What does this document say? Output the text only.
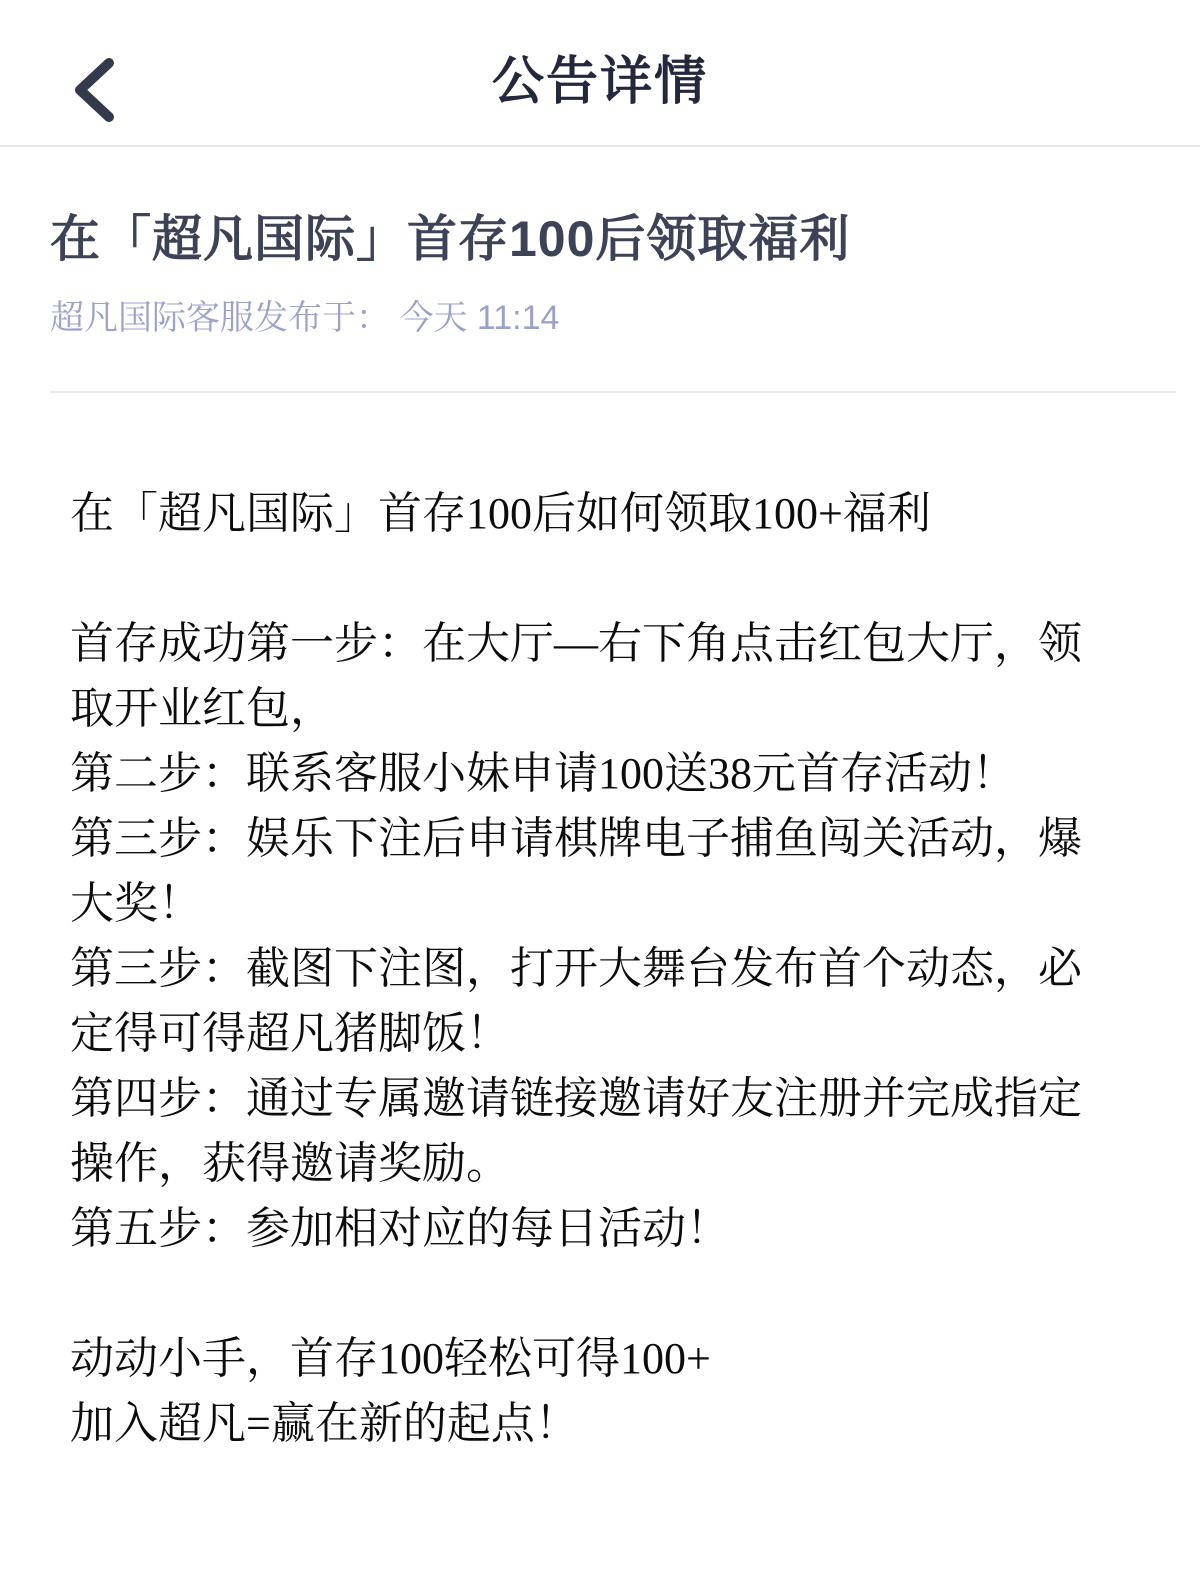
公告详情
在「超凡国际」首存100后领取福利
超凡国际客服发布于： 今天 11:14

在「超凡国际」首存100后如何领取100+福利

首存成功第一步：在大厅—右下角点击红包大厅，领取开业红包，

第二步：联系客服小妹申请100送38元首存活动！

第三步：娱乐下注后申请棋牌电子捕鱼闯关活动，爆大奖！

第三步：截图下注图，打开大舞台发布首个动态，必定得可得超凡猪脚饭！

第四步：通过专属邀请链接邀请好友注册并完成指定操作，获得邀请奖励。

第五步：参加相对应的每日活动！

动动小手，首存100轻松可得100+

加入超凡=赢在新的起点！
